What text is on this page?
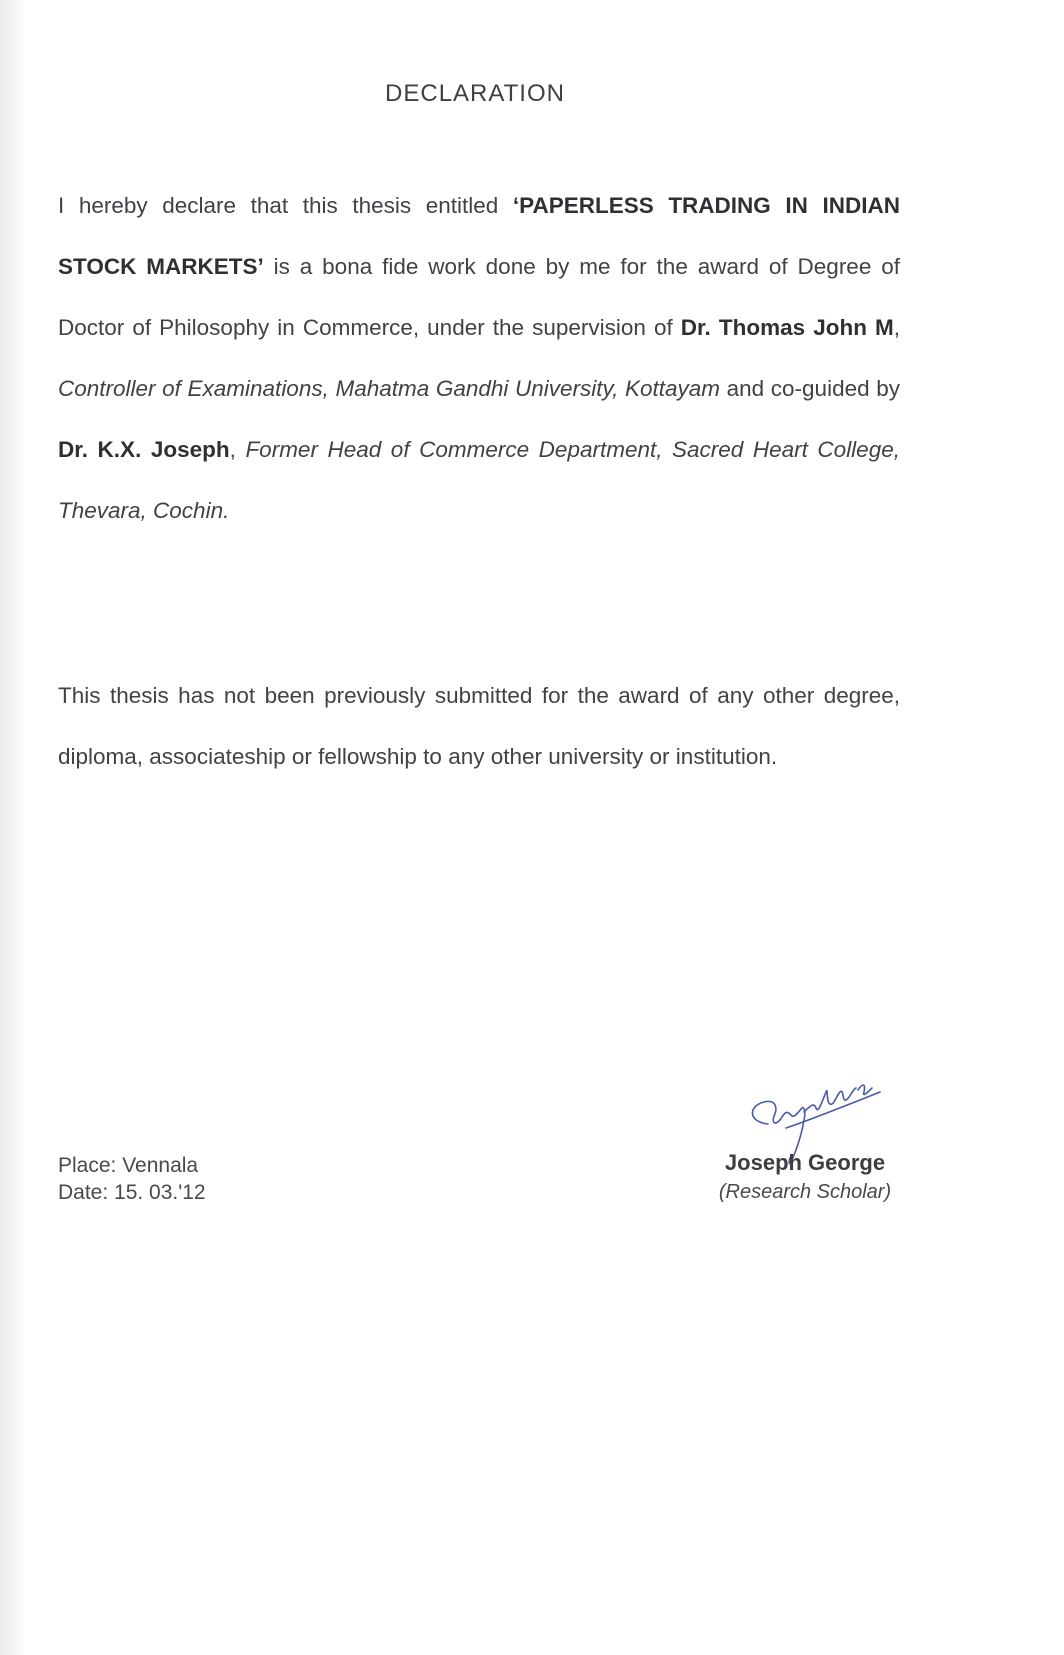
DECLARATION
I hereby declare that this thesis entitled ‘PAPERLESS TRADING IN INDIAN STOCK MARKETS’ is a bona fide work done by me for the award of Degree of Doctor of Philosophy in Commerce, under the supervision of Dr. Thomas John M, Controller of Examinations, Mahatma Gandhi University, Kottayam and co-guided by Dr. K.X. Joseph, Former Head of Commerce Department, Sacred Heart College, Thevara, Cochin.
This thesis has not been previously submitted for the award of any other degree, diploma, associateship or fellowship to any other university or institution.
Place: Vennala
Date: 15. 03.'12
Joseph George
(Research Scholar)
